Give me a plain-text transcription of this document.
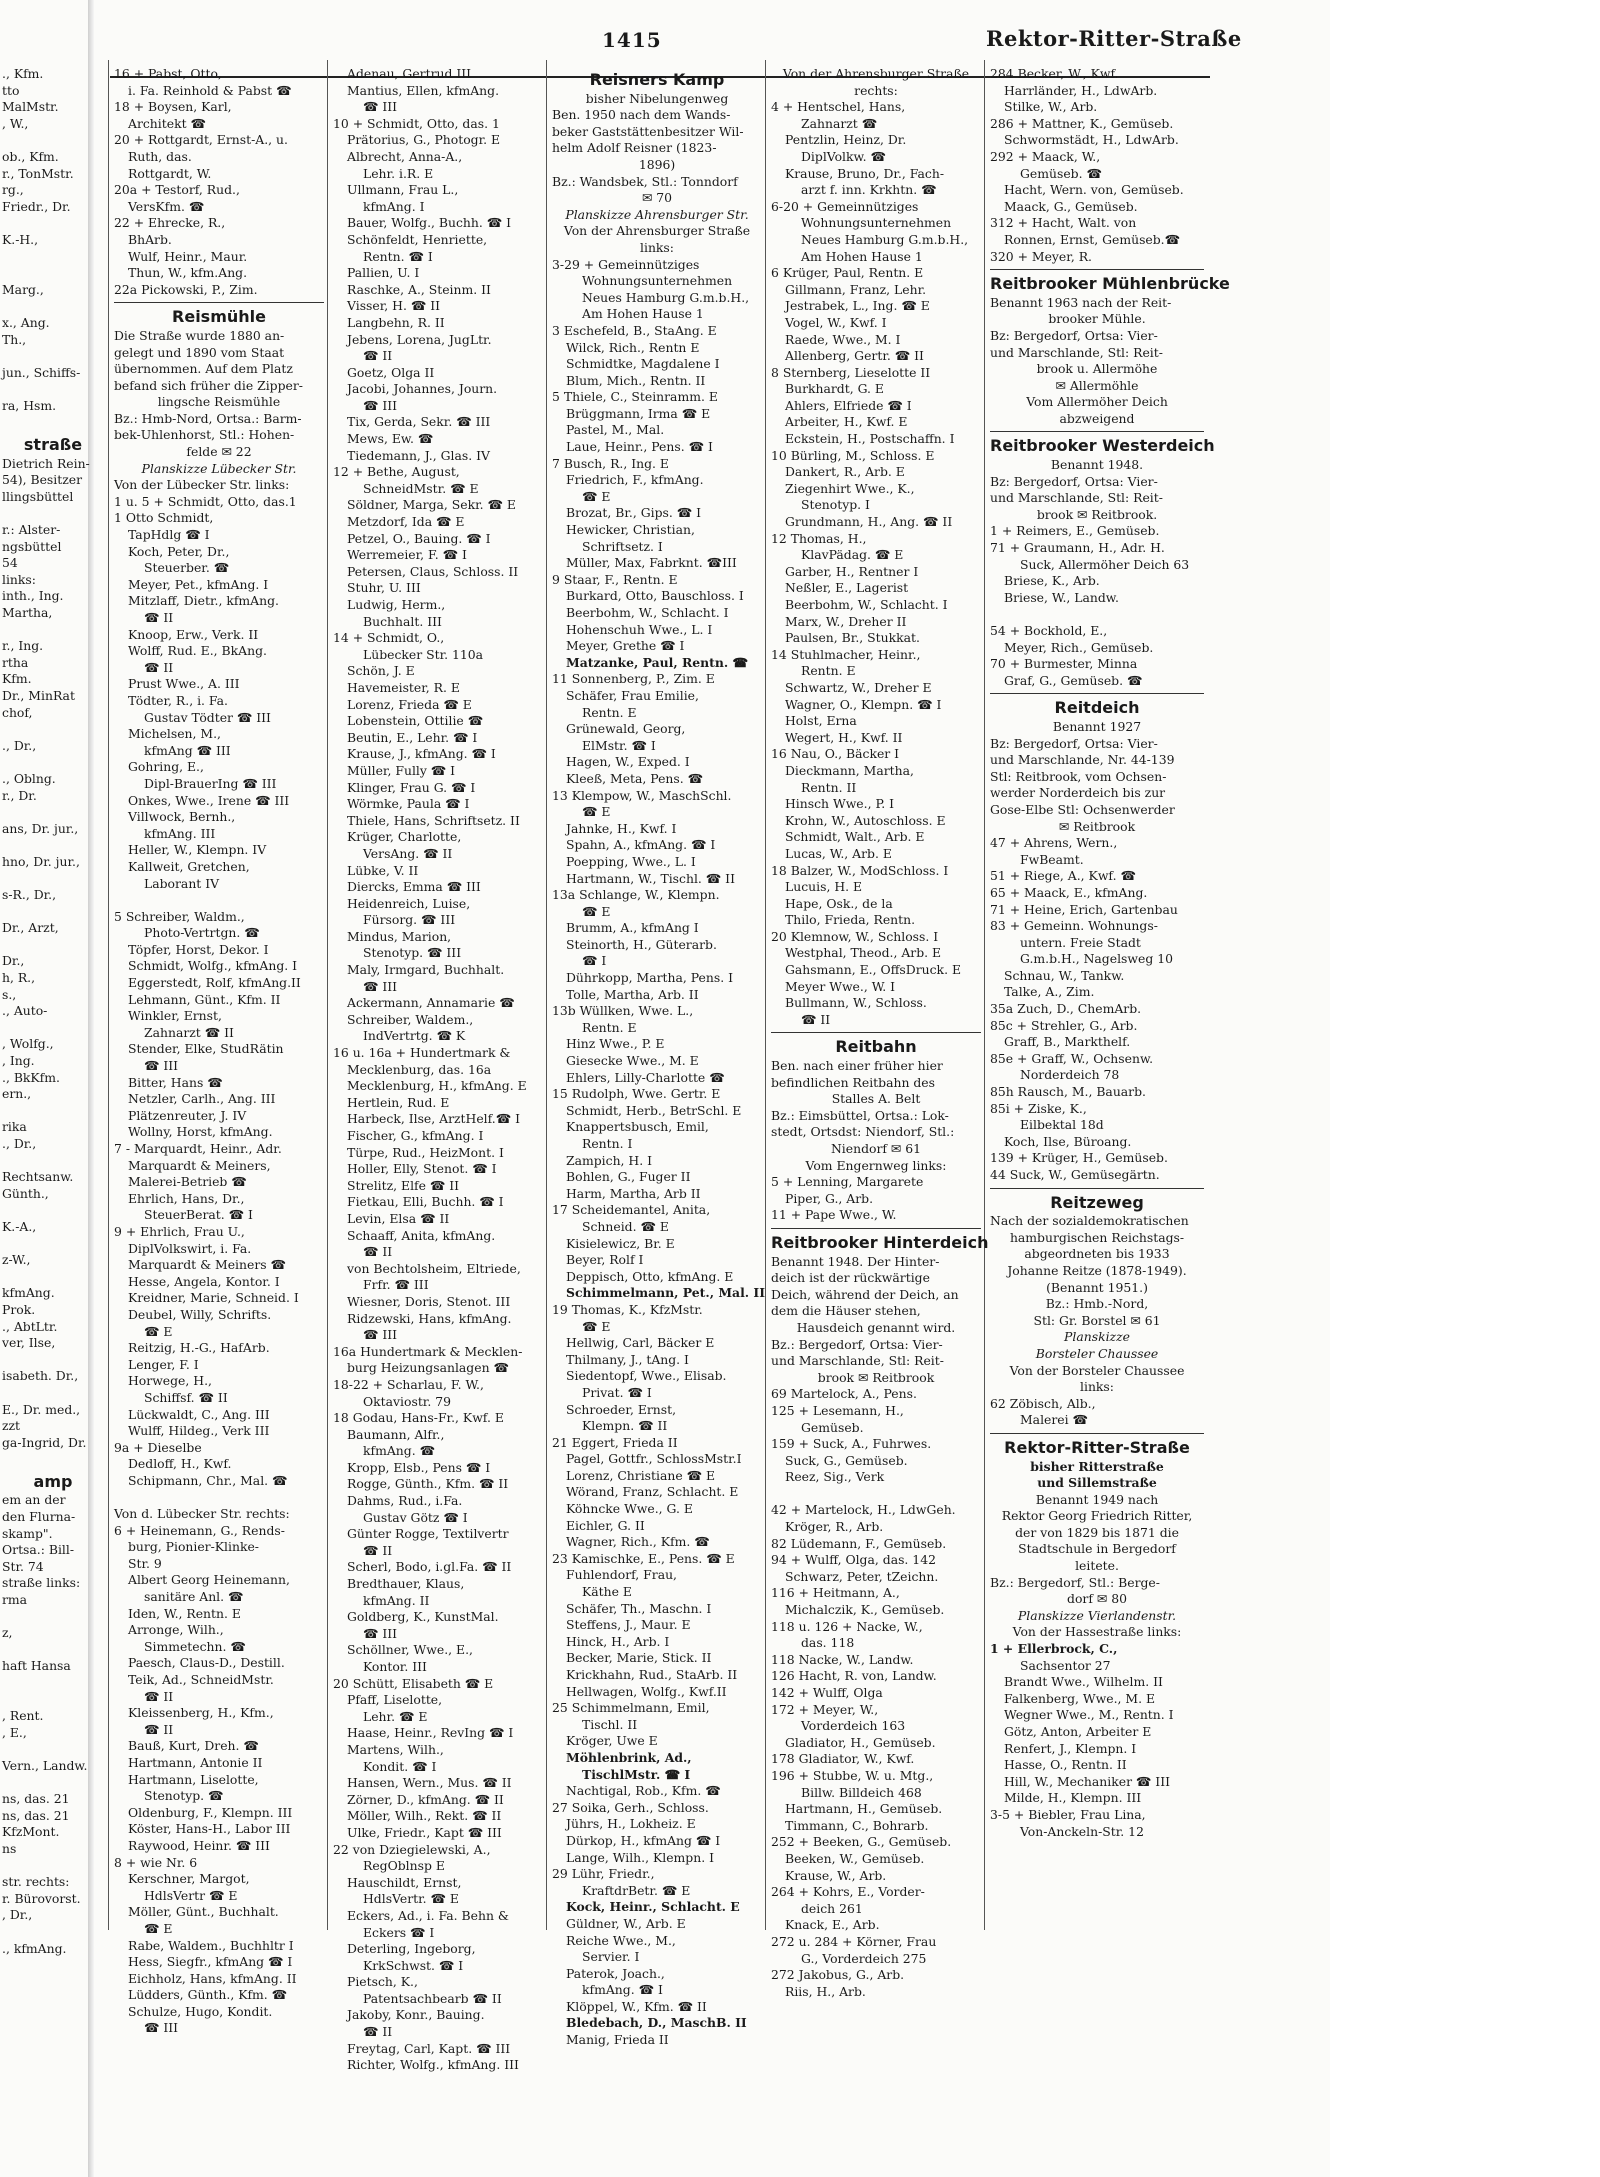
1415	Rektor-Ritter-Straße
., Kfm.
tto
MalMstr.
, W.,

ob., Kfm.
r., TonMstr.
rg.,
Friedr., Dr.

K.-H.,

Marg.,

x., Ang.
Th.,

jun., Schiffs-

ra, Hsm.

straße
Dietrich Rein-
54), Besitzer
llingsbüttel

r.: Alster-
ngsbüttel
54
links:
inth., Ing.
Martha,

r., Ing.
rtha
Kfm.
Dr., MinRat
chof,

., Dr.,

., Oblng.
r., Dr.

ans, Dr. jur.,

hno, Dr. jur.,

s-R., Dr.,

Dr., Arzt,

Dr.,
h, R.,
s.,
., Auto-

, Wolfg.,
, Ing.
., BkKfm.
ern.,

rika
., Dr.,

Rechtsanw.
Günth.,

K.-A.,

z-W.,

kfmAng.
Prok.
., AbtLtr.
ver, Ilse,

isabeth. Dr.,

E., Dr. med.,
zzt
ga-Ingrid, Dr.

amp
em an der
den Flurna-
skamp".
Ortsa.: Bill-
Str. 74
straße links:
rma

z,

haft Hansa

, Rent.
, E.,

Vern., Landw.

ns, das. 21
ns, das. 21
KfzMont.
ns

str. rechts:
r. Bürovorst.
, Dr.,

., kfmAng.
16 + Pabst, Otto,
i. Fa. Reinhold & Pabst ☎
18 + Boysen, Karl,
Architekt ☎
20 + Rottgardt, Ernst-A., u.
Ruth, das.
Rottgardt, W.
20a + Testorf, Rud.,
VersKfm. ☎
22 + Ehrecke, R.,
BhArb.
Wulf, Heinr., Maur.
Thun, W., kfm.Ang.
22a Pickowski, P., Zim.
Reismühle
Die Straße wurde 1880 an-
gelegt und 1890 vom Staat
übernommen. Auf dem Platz
befand sich früher die Zipper-
lingsche Reismühle
Bz.: Hmb-Nord, Ortsa.: Barm-
bek-Uhlenhorst, Stl.: Hohen-
felde ✉ 22
Planskizze Lübecker Str.
Von der Lübecker Str. links:
1 u. 5 + Schmidt, Otto, das.1
1 Otto Schmidt,
TapHdlg ☎ I
Koch, Peter, Dr.,
Steuerber. ☎
Meyer, Pet., kfmAng. I
Mitzlaff, Dietr., kfmAng.
☎ II
Knoop, Erw., Verk. II
Wolff, Rud. E., BkAng.
☎ II
Prust Wwe., A. III
Tödter, R., i. Fa.
Gustav Tödter ☎ III
Michelsen, M.,
kfmAng ☎ III
Gohring, E.,
Dipl-BrauerIng ☎ III
Onkes, Wwe., Irene ☎ III
Villwock, Bernh.,
kfmAng. III
Heller, W., Klempn. IV
Kallweit, Gretchen,
Laborant IV

5 Schreiber, Waldm.,
Photo-Vertrtgn. ☎
Töpfer, Horst, Dekor. I
Schmidt, Wolfg., kfmAng. I
Eggerstedt, Rolf, kfmAng.II
Lehmann, Günt., Kfm. II
Winkler, Ernst,
Zahnarzt ☎ II
Stender, Elke, StudRätin
☎ III
Bitter, Hans ☎
Netzler, Carlh., Ang. III
Plätzenreuter, J. IV
Wollny, Horst, kfmAng.
7 - Marquardt, Heinr., Adr.
Marquardt & Meiners,
Malerei-Betrieb ☎
Ehrlich, Hans, Dr.,
SteuerBerat. ☎ I
9 + Ehrlich, Frau U.,
DiplVolkswirt, i. Fa.
Marquardt & Meiners ☎
Hesse, Angela, Kontor. I
Kreidner, Marie, Schneid. I
Deubel, Willy, Schrifts.
☎ E
Reitzig, H.-G., HafArb.
Lenger, F. I
Horwege, H.,
Schiffsf. ☎ II
Lückwaldt, C., Ang. III
Wulff, Hildeg., Verk III
9a + Dieselbe
Dedloff, H., Kwf.
Schipmann, Chr., Mal. ☎

Von d. Lübecker Str. rechts:
6 + Heinemann, G., Rends-
burg, Pionier-Klinke-
Str. 9
Albert Georg Heinemann,
sanitäre Anl. ☎
Iden, W., Rentn. E
Arronge, Wilh.,
Simmetechn. ☎
Paesch, Claus-D., Destill.
Teik, Ad., SchneidMstr.
☎ II
Kleissenberg, H., Kfm.,
☎ II
Bauß, Kurt, Dreh. ☎
Hartmann, Antonie II
Hartmann, Liselotte,
Stenotyp. ☎
Oldenburg, F., Klempn. III
Köster, Hans-H., Labor III
Raywood, Heinr. ☎ III
8 + wie Nr. 6
Kerschner, Margot,
HdlsVertr ☎ E
Möller, Günt., Buchhalt.
☎ E
Rabe, Waldem., Buchhltr I
Hess, Siegfr., kfmAng ☎ I
Eichholz, Hans, kfmAng. II
Lüdders, Günth., Kfm. ☎
Schulze, Hugo, Kondit.
☎ III
Adenau, Gertrud III
Mantius, Ellen, kfmAng.
☎ III
10 + Schmidt, Otto, das. 1
Prätorius, G., Photogr. E
Albrecht, Anna-A.,
Lehr. i.R. E
Ullmann, Frau L.,
kfmAng. I
Bauer, Wolfg., Buchh. ☎ I
Schönfeldt, Henriette,
Rentn. ☎ I
Pallien, U. I
Raschke, A., Steinm. II
Visser, H. ☎ II
Langbehn, R. II
Jebens, Lorena, JugLtr.
☎ II
Goetz, Olga II
Jacobi, Johannes, Journ.
☎ III
Tix, Gerda, Sekr. ☎ III
Mews, Ew. ☎
Tiedemann, J., Glas. IV
12 + Bethe, August,
SchneidMstr. ☎ E
Söldner, Marga, Sekr. ☎ E
Metzdorf, Ida ☎ E
Petzel, O., Bauing. ☎ I
Werremeier, F. ☎ I
Petersen, Claus, Schloss. II
Stuhr, U. III
Ludwig, Herm.,
Buchhalt. III
14 + Schmidt, O.,
Lübecker Str. 110a
Schön, J. E
Havemeister, R. E
Lorenz, Frieda ☎ E
Lobenstein, Ottilie ☎
Beutin, E., Lehr. ☎ I
Krause, J., kfmAng. ☎ I
Müller, Fully ☎ I
Klinger, Frau G. ☎ I
Wörmke, Paula ☎ I
Thiele, Hans, Schriftsetz. II
Krüger, Charlotte,
VersAng. ☎ II
Lübke, V. II
Diercks, Emma ☎ III
Heidenreich, Luise,
Fürsorg. ☎ III
Mindus, Marion,
Stenotyp. ☎ III
Maly, Irmgard, Buchhalt.
☎ III
Ackermann, Annamarie ☎
Schreiber, Waldem.,
IndVertrtg. ☎ K
16 u. 16a + Hundertmark &
Mecklenburg, das. 16a
Mecklenburg, H., kfmAng. E
Hertlein, Rud. E
Harbeck, Ilse, ArztHelf.☎ I
Fischer, G., kfmAng. I
Türpe, Rud., HeizMont. I
Holler, Elly, Stenot. ☎ I
Strelitz, Elfe ☎ II
Fietkau, Elli, Buchh. ☎ I
Levin, Elsa ☎ II
Schaaff, Anita, kfmAng.
☎ II
von Bechtolsheim, Eltriede,
Frfr. ☎ III
Wiesner, Doris, Stenot. III
Ridzewski, Hans, kfmAng.
☎ III
16a Hundertmark & Mecklen-
burg Heizungsanlagen ☎
18-22 + Scharlau, F. W.,
Oktaviostr. 79
18 Godau, Hans-Fr., Kwf. E
Baumann, Alfr.,
kfmAng. ☎
Kropp, Elsb., Pens ☎ I
Rogge, Günth., Kfm. ☎ II
Dahms, Rud., i.Fa.
Gustav Götz ☎ I
Günter Rogge, Textilvertr
☎ II
Scherl, Bodo, i.gl.Fa. ☎ II
Bredthauer, Klaus,
kfmAng. II
Goldberg, K., KunstMal.
☎ III
Schöllner, Wwe., E.,
Kontor. III
20 Schütt, Elisabeth ☎ E
Pfaff, Liselotte,
Lehr. ☎ E
Haase, Heinr., RevIng ☎ I
Martens, Wilh.,
Kondit. ☎ I
Hansen, Wern., Mus. ☎ II
Zörner, D., kfmAng. ☎ II
Möller, Wilh., Rekt. ☎ II
Ulke, Friedr., Kapt ☎ III
22 von Dziegielewski, A.,
RegOblnsp E
Hauschildt, Ernst,
HdlsVertr. ☎ E
Eckers, Ad., i. Fa. Behn &
Eckers ☎ I
Deterling, Ingeborg,
KrkSchwst. ☎ I
Pietsch, K.,
Patentsachbearb ☎ II
Jakoby, Konr., Bauing.
☎ II
Freytag, Carl, Kapt. ☎ III
Richter, Wolfg., kfmAng. III
Reisners Kamp
bisher Nibelungenweg
Ben. 1950 nach dem Wands-
beker Gaststättenbesitzer Wil-
helm Adolf Reisner (1823-
1896)
Bz.: Wandsbek, Stl.: Tonndorf
✉ 70
Planskizze Ahrensburger Str.
Von der Ahrensburger Straße
links:
3-29 + Gemeinnütziges
Wohnungsunternehmen
Neues Hamburg G.m.b.H.,
Am Hohen Hause 1
3 Eschefeld, B., StaAng. E
Wilck, Rich., Rentn E
Schmidtke, Magdalene I
Blum, Mich., Rentn. II
5 Thiele, C., Steinramm. E
Brüggmann, Irma ☎ E
Pastel, M., Mal.
Laue, Heinr., Pens. ☎ I
7 Busch, R., Ing. E
Friedrich, F., kfmAng.
☎ E
Brozat, Br., Gips. ☎ I
Hewicker, Christian,
Schriftsetz. I
Müller, Max, Fabrknt. ☎III
9 Staar, F., Rentn. E
Burkard, Otto, Bauschloss. I
Beerbohm, W., Schlacht. I
Hohenschuh Wwe., L. I
Meyer, Grethe ☎ I
Matzanke, Paul, Rentn. ☎
11 Sonnenberg, P., Zim. E
Schäfer, Frau Emilie,
Rentn. E
Grünewald, Georg,
ElMstr. ☎ I
Hagen, W., Exped. I
Kleeß, Meta, Pens. ☎
13 Klempow, W., MaschSchl.
☎ E
Jahnke, H., Kwf. I
Spahn, A., kfmAng. ☎ I
Poepping, Wwe., L. I
Hartmann, W., Tischl. ☎ II
13a Schlange, W., Klempn.
☎ E
Brumm, A., kfmAng I
Steinorth, H., Güterarb.
☎ I
Dührkopp, Martha, Pens. I
Tolle, Martha, Arb. II
13b Wüllken, Wwe. L.,
Rentn. E
Hinz Wwe., P. E
Giesecke Wwe., M. E
Ehlers, Lilly-Charlotte ☎
15 Rudolph, Wwe. Gertr. E
Schmidt, Herb., BetrSchl. E
Knappertsbusch, Emil,
Rentn. I
Zampich, H. I
Bohlen, G., Fuger II
Harm, Martha, Arb II
17 Scheidemantel, Anita,
Schneid. ☎ E
Kisielewicz, Br. E
Beyer, Rolf I
Deppisch, Otto, kfmAng. E
Schimmelmann, Pet., Mal. II
19 Thomas, K., KfzMstr.
☎ E
Hellwig, Carl, Bäcker E
Thilmany, J., tAng. I
Siedentopf, Wwe., Elisab.
Privat. ☎ I
Schroeder, Ernst,
Klempn. ☎ II
21 Eggert, Frieda II
Pagel, Gottfr., SchlossMstr.I
Lorenz, Christiane ☎ E
Wörand, Franz, Schlacht. E
Köhncke Wwe., G. E
Eichler, G. II
Wagner, Rich., Kfm. ☎
23 Kamischke, E., Pens. ☎ E
Fuhlendorf, Frau,
Käthe E
Schäfer, Th., Maschn. I
Steffens, J., Maur. E
Hinck, H., Arb. I
Becker, Marie, Stick. II
Krickhahn, Rud., StaArb. II
Hellwagen, Wolfg., Kwf.II
25 Schimmelmann, Emil,
Tischl. II
Kröger, Uwe E
Möhlenbrink, Ad.,
TischlMstr. ☎ I
Nachtigal, Rob., Kfm. ☎
27 Soika, Gerh., Schloss.
Jührs, H., Lokheiz. E
Dürkop, H., kfmAng ☎ I
Lange, Wilh., Klempn. I
29 Lühr, Friedr.,
KraftdrBetr. ☎ E
Kock, Heinr., Schlacht. E
Güldner, W., Arb. E
Reiche Wwe., M.,
Servier. I
Paterok, Joach.,
kfmAng. ☎ I
Klöppel, W., Kfm. ☎ II
Bledebach, D., MaschB. II
Manig, Frieda II
Von der Ahrensburger Straße
rechts:
4 + Hentschel, Hans,
Zahnarzt ☎
Pentzlin, Heinz, Dr.
DiplVolkw. ☎
Krause, Bruno, Dr., Fach-
arzt f. inn. Krkhtn. ☎
6-20 + Gemeinnütziges
Wohnungsunternehmen
Neues Hamburg G.m.b.H.,
Am Hohen Hause 1
6 Krüger, Paul, Rentn. E
Gillmann, Franz, Lehr.
Jestrabek, L., Ing. ☎ E
Vogel, W., Kwf. I
Raede, Wwe., M. I
Allenberg, Gertr. ☎ II
8 Sternberg, Lieselotte II
Burkhardt, G. E
Ahlers, Elfriede ☎ I
Arbeiter, H., Kwf. E
Eckstein, H., Postschaffn. I
10 Bürling, M., Schloss. E
Dankert, R., Arb. E
Ziegenhirt Wwe., K.,
Stenotyp. I
Grundmann, H., Ang. ☎ II
12 Thomas, H.,
KlavPädag. ☎ E
Garber, H., Rentner I
Neßler, E., Lagerist
Beerbohm, W., Schlacht. I
Marx, W., Dreher II
Paulsen, Br., Stukkat.
14 Stuhlmacher, Heinr.,
Rentn. E
Schwartz, W., Dreher E
Wagner, O., Klempn. ☎ I
Holst, Erna
Wegert, H., Kwf. II
16 Nau, O., Bäcker I
Dieckmann, Martha,
Rentn. II
Hinsch Wwe., P. I
Krohn, W., Autoschloss. E
Schmidt, Walt., Arb. E
Lucas, W., Arb. E
18 Balzer, W., ModSchloss. I
Lucuis, H. E
Hape, Osk., de la
Thilo, Frieda, Rentn.
20 Klemnow, W., Schloss. I
Westphal, Theod., Arb. E
Gahsmann, E., OffsDruck. E
Meyer Wwe., W. I
Bullmann, W., Schloss.
☎ II
Reitbahn
Ben. nach einer früher hier
befindlichen Reitbahn des
Stalles A. Belt
Bz.: Eimsbüttel, Ortsa.: Lok-
stedt, Ortsdst: Niendorf, Stl.:
Niendorf ✉ 61
Vom Engernweg links:
5 + Lenning, Margarete
Piper, G., Arb.
11 + Pape Wwe., W.
Reitbrooker Hinterdeich
Benannt 1948. Der Hinter-
deich ist der rückwärtige
Deich, während der Deich, an
dem die Häuser stehen,
Hausdeich genannt wird.
Bz.: Bergedorf, Ortsa: Vier-
und Marschlande, Stl: Reit-
brook ✉ Reitbrook
69 Martelock, A., Pens.
125 + Lesemann, H.,
Gemüseb.
159 + Suck, A., Fuhrwes.
Suck, G., Gemüseb.
Reez, Sig., Verk

42 + Martelock, H., LdwGeh.
Kröger, R., Arb.
82 Lüdemann, F., Gemüseb.
94 + Wulff, Olga, das. 142
Schwarz, Peter, tZeichn.
116 + Heitmann, A.,
Michalczik, K., Gemüseb.
118 u. 126 + Nacke, W.,
das. 118
118 Nacke, W., Landw.
126 Hacht, R. von, Landw.
142 + Wulff, Olga
172 + Meyer, W.,
Vorderdeich 163
Gladiator, H., Gemüseb.
178 Gladiator, W., Kwf.
196 + Stubbe, W. u. Mtg.,
Billw. Billdeich 468
Hartmann, H., Gemüseb.
Timmann, C., Bohrarb.
252 + Beeken, G., Gemüseb.
Beeken, W., Gemüseb.
Krause, W., Arb.
264 + Kohrs, E., Vorder-
deich 261
Knack, E., Arb.
272 u. 284 + Körner, Frau
G., Vorderdeich 275
272 Jakobus, G., Arb.
Riis, H., Arb.
284 Becker, W., Kwf.
Harrländer, H., LdwArb.
Stilke, W., Arb.
286 + Mattner, K., Gemüseb.
Schwormstädt, H., LdwArb.
292 + Maack, W.,
Gemüseb. ☎
Hacht, Wern. von, Gemüseb.
Maack, G., Gemüseb.
312 + Hacht, Walt. von
Ronnen, Ernst, Gemüseb.☎
320 + Meyer, R.
Reitbrooker Mühlenbrücke
Benannt 1963 nach der Reit-
brooker Mühle.
Bz: Bergedorf, Ortsa: Vier-
und Marschlande, Stl: Reit-
brook u. Allermöhe
✉ Allermöhle
Vom Allermöher Deich
abzweigend
Reitbrooker Westerdeich
Benannt 1948.
Bz: Bergedorf, Ortsa: Vier-
und Marschlande, Stl: Reit-
brook ✉ Reitbrook.
1 + Reimers, E., Gemüseb.
71 + Graumann, H., Adr. H.
Suck, Allermöher Deich 63
Briese, K., Arb.
Briese, W., Landw.

54 + Bockhold, E.,
Meyer, Rich., Gemüseb.
70 + Burmester, Minna
Graf, G., Gemüseb. ☎
Reitdeich
Benannt 1927
Bz: Bergedorf, Ortsa: Vier-
und Marschlande, Nr. 44-139
Stl: Reitbrook, vom Ochsen-
werder Norderdeich bis zur
Gose-Elbe Stl: Ochsenwerder
✉ Reitbrook
47 + Ahrens, Wern.,
FwBeamt.
51 + Riege, A., Kwf. ☎
65 + Maack, E., kfmAng.
71 + Heine, Erich, Gartenbau
83 + Gemeinn. Wohnungs-
untern. Freie Stadt
G.m.b.H., Nagelsweg 10
Schnau, W., Tankw.
Talke, A., Zim.
35a Zuch, D., ChemArb.
85c + Strehler, G., Arb.
Graff, B., Markthelf.
85e + Graff, W., Ochsenw.
Norderdeich 78
85h Rausch, M., Bauarb.
85i + Ziske, K.,
Eilbektal 18d
Koch, Ilse, Büroang.
139 + Krüger, H., Gemüseb.
44 Suck, W., Gemüsegärtn.
Reitzeweg
Nach der sozialdemokratischen
hamburgischen Reichstags-
abgeordneten bis 1933
Johanne Reitze (1878-1949).
(Benannt 1951.)
Bz.: Hmb.-Nord,
Stl: Gr. Borstel ✉ 61
Planskizze
Borsteler Chaussee
Von der Borsteler Chaussee
links:
62 Zöbisch, Alb.,
Malerei ☎
Rektor-Ritter-Straße
bisher Ritterstraße
und Sillemstraße
Benannt 1949 nach
Rektor Georg Friedrich Ritter,
der von 1829 bis 1871 die
Stadtschule in Bergedorf
leitete.
Bz.: Bergedorf, Stl.: Berge-
dorf ✉ 80
Planskizze Vierlandenstr.
Von der Hassestraße links:
1 + Ellerbrock, C.,
Sachsentor 27
Brandt Wwe., Wilhelm. II
Falkenberg, Wwe., M. E
Wegner Wwe., M., Rentn. I
Götz, Anton, Arbeiter E
Renfert, J., Klempn. I
Hasse, O., Rentn. II
Hill, W., Mechaniker ☎ III
Milde, H., Klempn. III
3-5 + Biebler, Frau Lina,
Von-Anckeln-Str. 12
